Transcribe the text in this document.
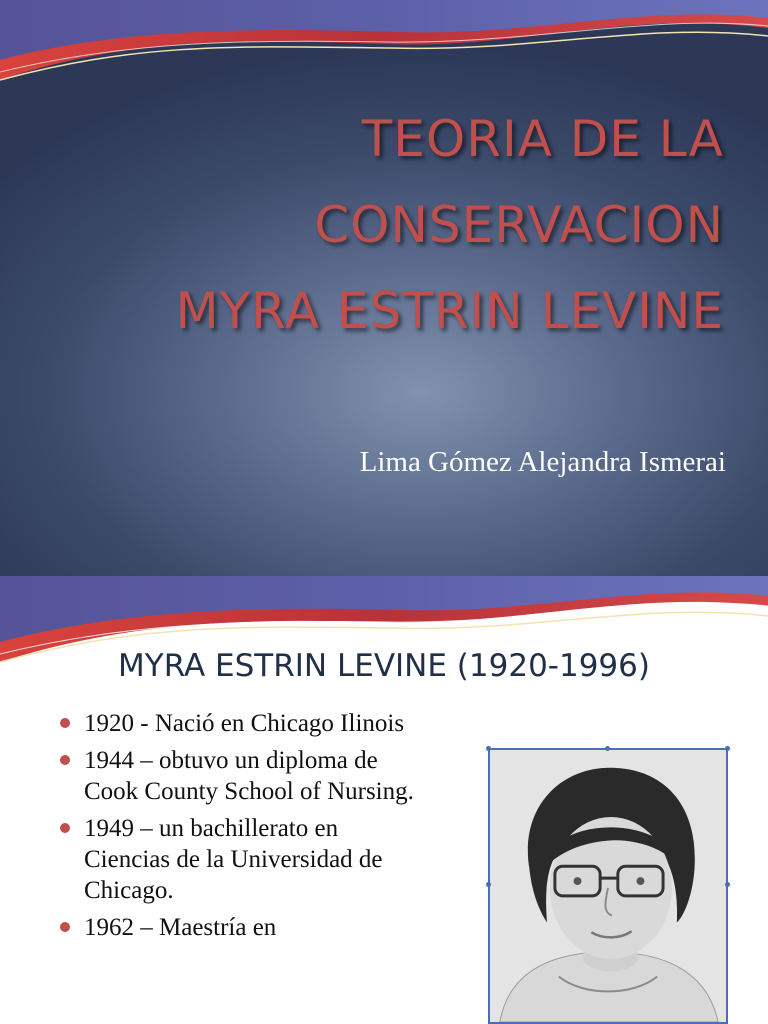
TEORIA DE LA
CONSERVACION
MYRA ESTRIN LEVINE

Lima Gómez Alejandra Ismerai

MYRA ESTRIN LEVINE (1920-1996)
1920 - Nació en Chicago Ilinois
1944 – obtuvo un diploma de Cook County School of Nursing.
1949 – un bachillerato en Ciencias de la Universidad de Chicago.
1962 – Maestría en
